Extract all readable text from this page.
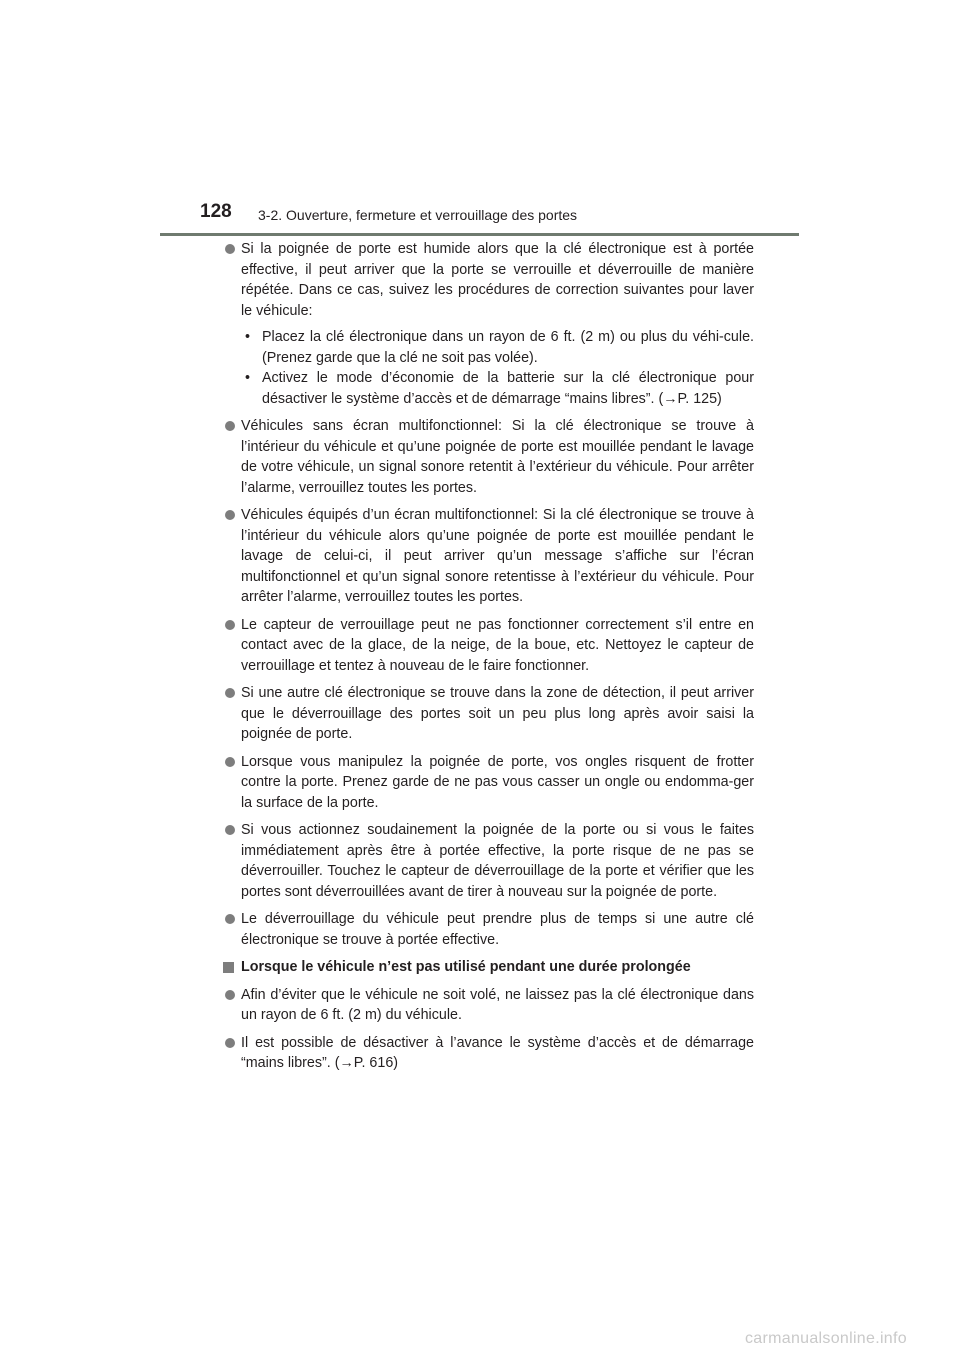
128 3-2. Ouverture, fermeture et verrouillage des portes
Si la poignée de porte est humide alors que la clé électronique est à portée effective, il peut arriver que la porte se verrouille et déverrouille de manière répétée. Dans ce cas, suivez les procédures de correction suivantes pour laver le véhicule:
• Placez la clé électronique dans un rayon de 6 ft. (2 m) ou plus du véhi-cule. (Prenez garde que la clé ne soit pas volée).
• Activez le mode d’économie de la batterie sur la clé électronique pour désactiver le système d’accès et de démarrage “mains libres”. (→P. 125)
Véhicules sans écran multifonctionnel: Si la clé électronique se trouve à l’intérieur du véhicule et qu’une poignée de porte est mouillée pendant le lavage de votre véhicule, un signal sonore retentit à l’extérieur du véhicule. Pour arrêter l’alarme, verrouillez toutes les portes.
Véhicules équipés d’un écran multifonctionnel: Si la clé électronique se trouve à l’intérieur du véhicule alors qu’une poignée de porte est mouillée pendant le lavage de celui-ci, il peut arriver qu’un message s’affiche sur l’écran multifonctionnel et qu’un signal sonore retentisse à l’extérieur du véhicule. Pour arrêter l’alarme, verrouillez toutes les portes.
Le capteur de verrouillage peut ne pas fonctionner correctement s’il entre en contact avec de la glace, de la neige, de la boue, etc. Nettoyez le capteur de verrouillage et tentez à nouveau de le faire fonctionner.
Si une autre clé électronique se trouve dans la zone de détection, il peut arriver que le déverrouillage des portes soit un peu plus long après avoir saisi la poignée de porte.
Lorsque vous manipulez la poignée de porte, vos ongles risquent de frotter contre la porte. Prenez garde de ne pas vous casser un ongle ou endomma-ger la surface de la porte.
Si vous actionnez soudainement la poignée de la porte ou si vous le faites immédiatement après être à portée effective, la porte risque de ne pas se déverrouiller. Touchez le capteur de déverrouillage de la porte et vérifier que les portes sont déverrouillées avant de tirer à nouveau sur la poignée de porte.
Le déverrouillage du véhicule peut prendre plus de temps si une autre clé électronique se trouve à portée effective.
Lorsque le véhicule n’est pas utilisé pendant une durée prolongée
Afin d’éviter que le véhicule ne soit volé, ne laissez pas la clé électronique dans un rayon de 6 ft. (2 m) du véhicule.
Il est possible de désactiver à l’avance le système d’accès et de démarrage “mains libres”. (→P. 616)
carmanualsonline.info
